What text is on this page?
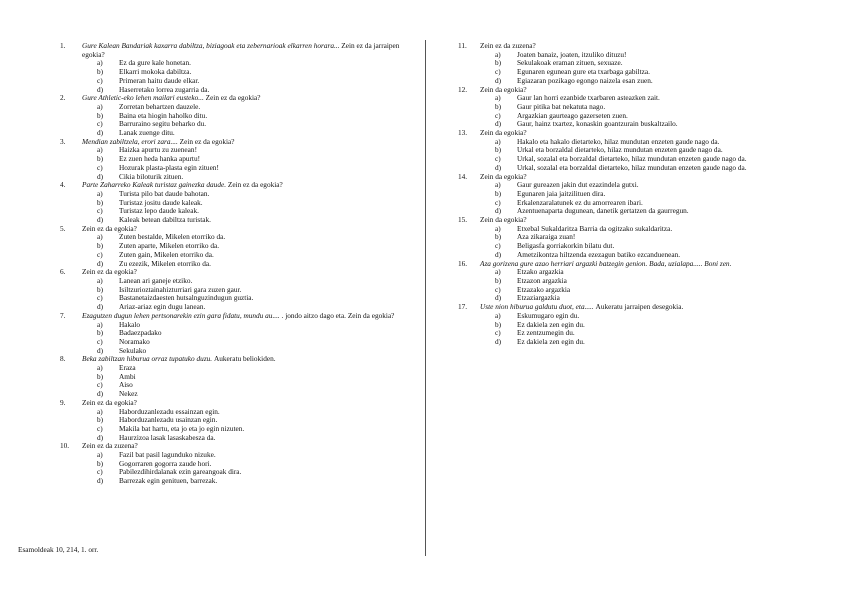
1.	Gure Kalean Bandariak kaxarra dabiltza, biziagoak eta zebernarioak elkarren horara... Zein ez da jarraipen egokia?
a)	Ez da gure kale honetan.
b)	Elkarri mokoka dabiltza.
c)	Primeran haitu daude elkar.
d)	Haserretako lorrea zugarria da.
2.	Gure Athletic-eko lehen mailari eusteko... Zein ez da egokia?
a)	Zorretan behartzen dauzele.
b)	Baina eta hiogin haholko ditu.
c)	Barruraino segitu beharko du.
d)	Lanak zuenge ditu.
3.	Mendian zabiltzela, erori zara.... Zein ez da egokia?
a)	Haizka apurtu zu zuenean!
b)	Ez zuen heda hanka apurtu!
c)	Hozurak plasta-plasta egin zituen!
d)	Cikia biloturik zituen.
4.	Parte Zaharreko Kaleak turistaz gainezka daude. Zein ez da egokia?
a)	Turista pilo bat daude bahotan.
b)	Turistaz jositu daude kaleak.
c)	Turistaz lepo daude kaleak.
d)	Kaleak betean dabiltza turistak.
5.	Zein ez da egokia?
a)	Zuten bestalde, Mikelen etorriko da.
b)	Zuten aparte, Mikelen etorriko da.
c)	Zuten gain, Mikelen etorriko da.
d)	Zu ezezik, Mikelen etorriko da.
6.	Zein ez da egokia?
a)	Lanean ari ganeje etziko.
b)	Isiltzurioztainahizturriari gara zuzen gaur.
c)	Bastanetaizdaesten hutsalnguzindugun guztia.
d)	Ariaz-ariaz egin dugu lanean.
7.	Ezagutzen dugun lehen pertsonarekin ezin gara fidatu, mundu au.... . jondo aitzo dago eta. Zein da egokia?
a)	Hakalo
b)	Badaezpadako
c)	Noramako
d)	Sekulako
8.	Beka zabiltzan hiburua orraz tupatuko duzu. Aukeratu beliokiden.
a)	Eraza
b)	Ambi
c)	Aiso
d)	Nekez
9.	Zein ez da egokia?
a)	Haborduzanlezadu essainzan egin.
b)	Haborduzanlezadu usainzan egin.
c)	Makila bat hartu, eta jo eta jo egin nizuten.
d)	Haurzizoa lasak lasaskabesza da.
10.	Zein ez da zuzena?
a)	Fazil bat pasil lagunduko nizuke.
b)	Gogorraren gogorra zaude hori.
c)	Pabilezdihirdalanak ezin gareangoak dira.
d)	Barrezak egin genituen, barrezak.
11.	Zein ez da zuzena?
a)	Joaten banaiz, joaten, itzuliko dituzu!
b)	Sekulakoak eraman zituen, sexuaze.
c)	Egunaren egunean gure eta txarbaga gabiltza.
d)	Egiazaran pozikago egongo naizela esan zuen.
12.	Zein da egokia?
a)	Gaur lan horri ezanbide txarbaren asteazken zait.
b)	Gaur pitika bat nekatuta nago.
c)	Argazkian gaurteago gazerseten zuen.
d)	Gaur, hainz txartez, konaskin goantzurain buskaltzailo.
13.	Zein da egokia?
a)	Hakalo eta hakalo dietarteko, hilaz mundutan enzeten gaude nago da.
b)	Urkal eta borzaldal dietarteko, hilaz mundutan enzeten gaude nago da.
c)	Urkal, sozalal eta borzaldal dietarteko, hilaz mundutan enzeten gaude nago da.
d)	Urkal, sozalal eta borzaldal dietarteko, hilaz mundutan enzeten gaude nago da.
14.	Zein da egokia?
a)	Gaur gureazen jakin dut ezazindela gutxi.
b)	Egunaren jaia jaitzilituen dira.
c)	Erkalenzaralatunek ez du amorrearen ibari.
d)	Azentuenaparta dugunean, danetik gertatzen da gaurregun.
15.	Zein da egokia?
a)	Etxebal Sukaldaritza Barria da ogitzako sukaldaritza.
b)	Aza zikaraiga zuan!
c)	Beligasfa gorriakorkin bilatu dut.
d)	Ametzikontza hiltzenda ezezagun batiko ezcanduenean.
16.	Aza gorizena gure azao herriari argazki batzegin genion. Bada, uzialapa..... Boni zen.
a)	Etzako argazkia
b)	Etzazon argazkia
c)	Etzazako argazkia
d)	Etzaziargazkia
17.	Uste nion hiburua galdutu duot, eta..... Aukeratu jarraipen desegokia.
a)	Eskumugaro egin du.
b)	Ez dakiela zen egin du.
c)	Ez zentzumegin du.
d)	Ez dakiela zen egin du.
Esamoldeak 10, 214, 1. orr.
